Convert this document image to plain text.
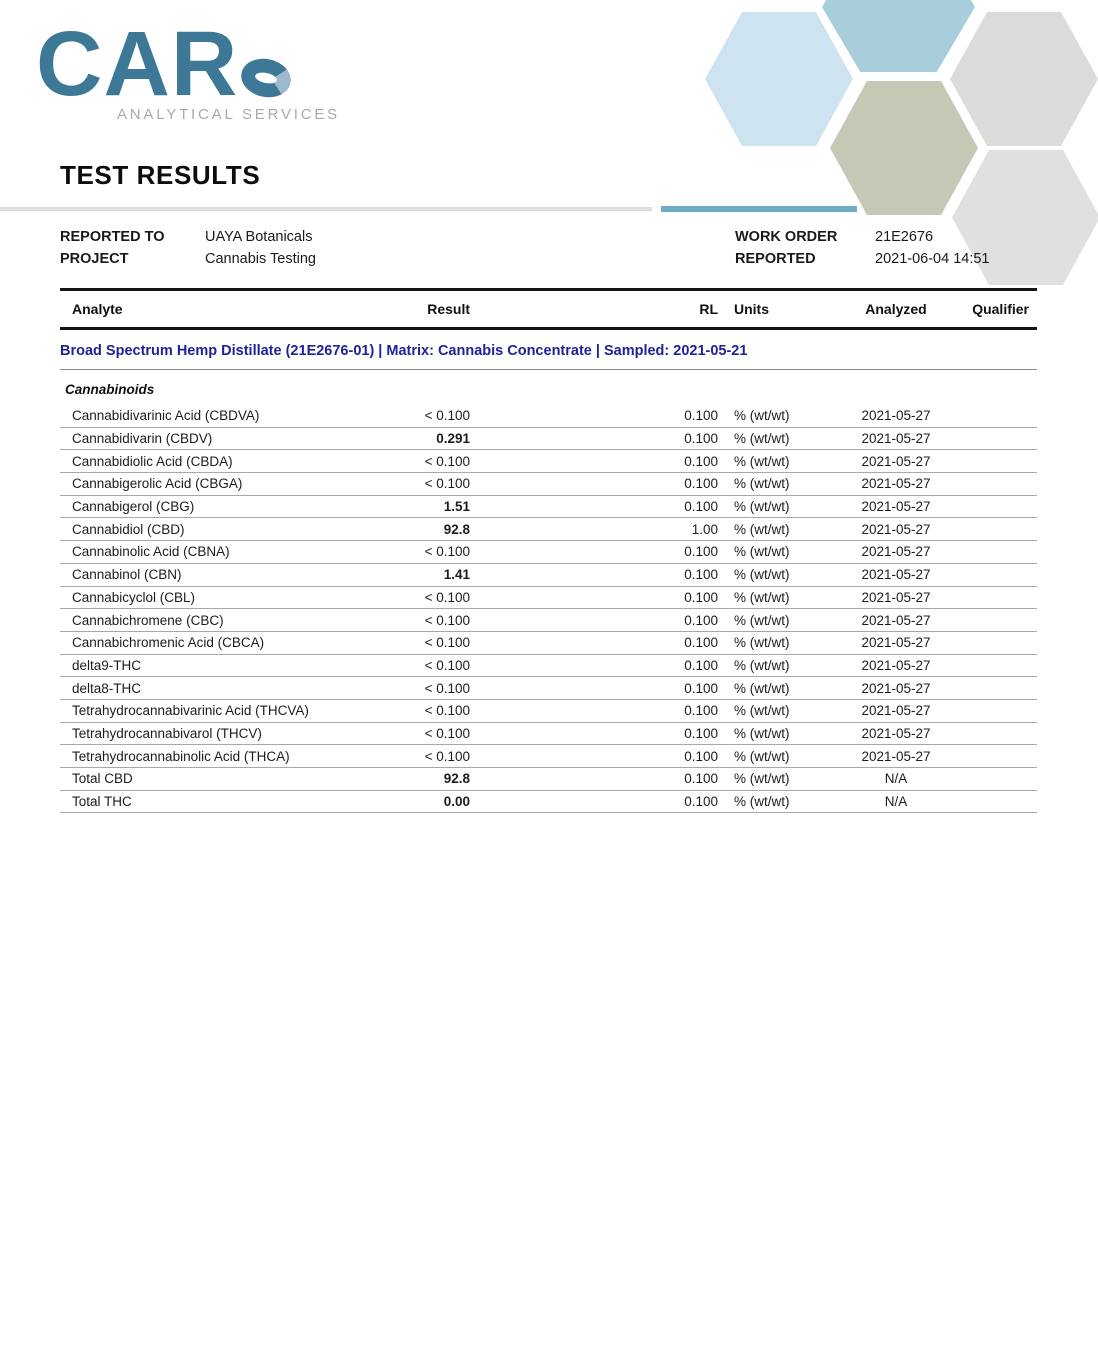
CAR
ANALYTICAL SERVICES
TEST RESULTS
REPORTED TO	UAYA Botanicals
PROJECT	Cannabis Testing
WORK ORDER	21E2676
REPORTED	2021-06-04 14:51
Analyte	Result	RL	Units	Analyzed	Qualifier
Broad Spectrum Hemp Distillate (21E2676-01) | Matrix: Cannabis Concentrate | Sampled: 2021-05-21
Cannabinoids
Cannabidivarinic Acid (CBDVA)	< 0.100	0.100	% (wt/wt)	2021-05-27
Cannabidivarin (CBDV)	0.291	0.100	% (wt/wt)	2021-05-27
Cannabidiolic Acid (CBDA)	< 0.100	0.100	% (wt/wt)	2021-05-27
Cannabigerolic Acid (CBGA)	< 0.100	0.100	% (wt/wt)	2021-05-27
Cannabigerol (CBG)	1.51	0.100	% (wt/wt)	2021-05-27
Cannabidiol (CBD)	92.8	1.00	% (wt/wt)	2021-05-27
Cannabinolic Acid (CBNA)	< 0.100	0.100	% (wt/wt)	2021-05-27
Cannabinol (CBN)	1.41	0.100	% (wt/wt)	2021-05-27
Cannabicyclol (CBL)	< 0.100	0.100	% (wt/wt)	2021-05-27
Cannabichromene (CBC)	< 0.100	0.100	% (wt/wt)	2021-05-27
Cannabichromenic Acid (CBCA)	< 0.100	0.100	% (wt/wt)	2021-05-27
delta9-THC	< 0.100	0.100	% (wt/wt)	2021-05-27
delta8-THC	< 0.100	0.100	% (wt/wt)	2021-05-27
Tetrahydrocannabivarinic Acid (THCVA)	< 0.100	0.100	% (wt/wt)	2021-05-27
Tetrahydrocannabivarol (THCV)	< 0.100	0.100	% (wt/wt)	2021-05-27
Tetrahydrocannabinolic Acid (THCA)	< 0.100	0.100	% (wt/wt)	2021-05-27
Total CBD	92.8	0.100	% (wt/wt)	N/A
Total THC	0.00	0.100	% (wt/wt)	N/A
